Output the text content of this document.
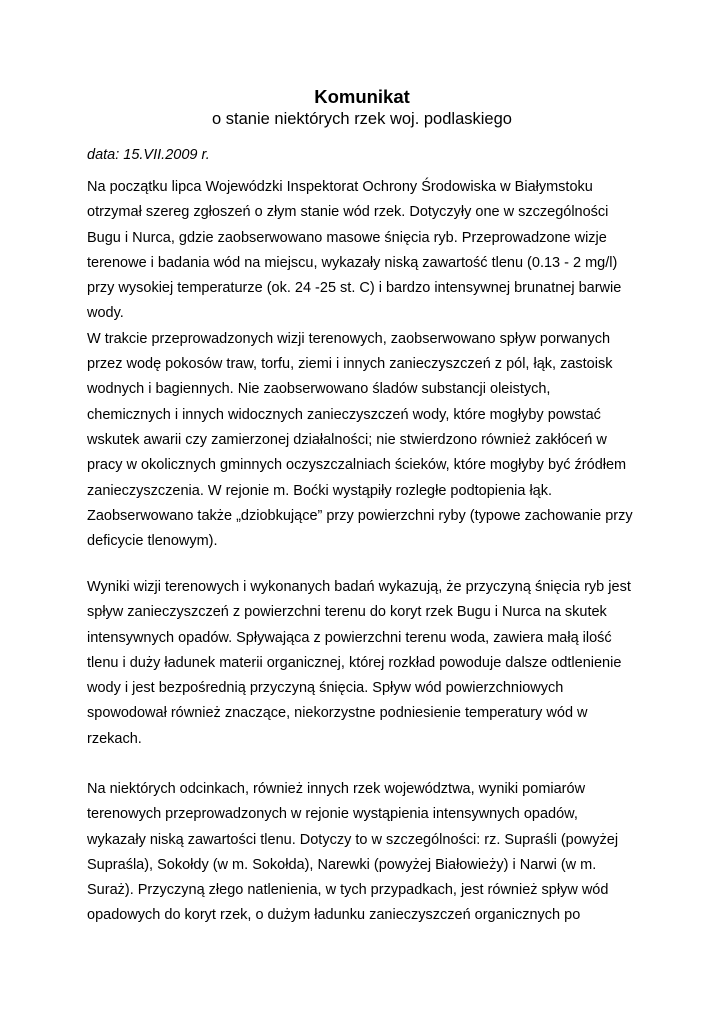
Komunikat
o stanie niektórych rzek woj. podlaskiego
data: 15.VII.2009 r.
Na początku lipca Wojewódzki Inspektorat Ochrony Środowiska w Białymstoku
otrzymał szereg zgłoszeń o złym stanie wód rzek. Dotyczyły one w szczególności
Bugu i Nurca, gdzie zaobserwowano masowe śnięcia ryb. Przeprowadzone wizje
terenowe i badania wód na miejscu, wykazały niską zawartość tlenu (0.13 - 2 mg/l)
przy wysokiej temperaturze (ok. 24 -25 st. C) i bardzo intensywnej brunatnej barwie
wody.
W trakcie przeprowadzonych wizji terenowych, zaobserwowano spływ porwanych
przez wodę pokosów traw, torfu, ziemi i innych zanieczyszczeń z pól, łąk, zastoisk
wodnych i bagiennych. Nie zaobserwowano śladów substancji oleistych,
chemicznych i innych widocznych zanieczyszczeń wody, które mogłyby powstać
wskutek awarii czy zamierzonej działalności; nie stwierdzono również zakłóceń w
pracy w okolicznych gminnych oczyszczalniach ścieków, które mogłyby być źródłem
zanieczyszczenia. W rejonie m. Boćki wystąpiły rozległe podtopienia łąk.
Zaobserwowano także „dziobkujące” przy powierzchni ryby (typowe zachowanie przy
deficycie tlenowym).
Wyniki wizji terenowych i wykonanych badań wykazują, że przyczyną śnięcia ryb jest
spływ zanieczyszczeń z powierzchni terenu do koryt rzek Bugu i Nurca na skutek
intensywnych opadów. Spływająca z powierzchni terenu woda, zawiera małą ilość
tlenu i duży ładunek materii organicznej, której rozkład powoduje dalsze odtlenienie
wody i jest bezpośrednią przyczyną śnięcia. Spływ wód powierzchniowych
spowodował również znaczące, niekorzystne podniesienie temperatury wód w
rzekach.
Na niektórych odcinkach, również innych rzek województwa, wyniki pomiarów
terenowych przeprowadzonych w rejonie wystąpienia intensywnych opadów,
wykazały niską zawartości tlenu. Dotyczy to w szczególności: rz. Supraśli (powyżej
Supraśla), Sokołdy (w m. Sokołda), Narewki (powyżej Białowieży) i Narwi (w m.
Suraż). Przyczyną złego natlenienia, w tych przypadkach, jest również spływ wód
opadowych do koryt rzek, o dużym ładunku zanieczyszczeń organicznych po
